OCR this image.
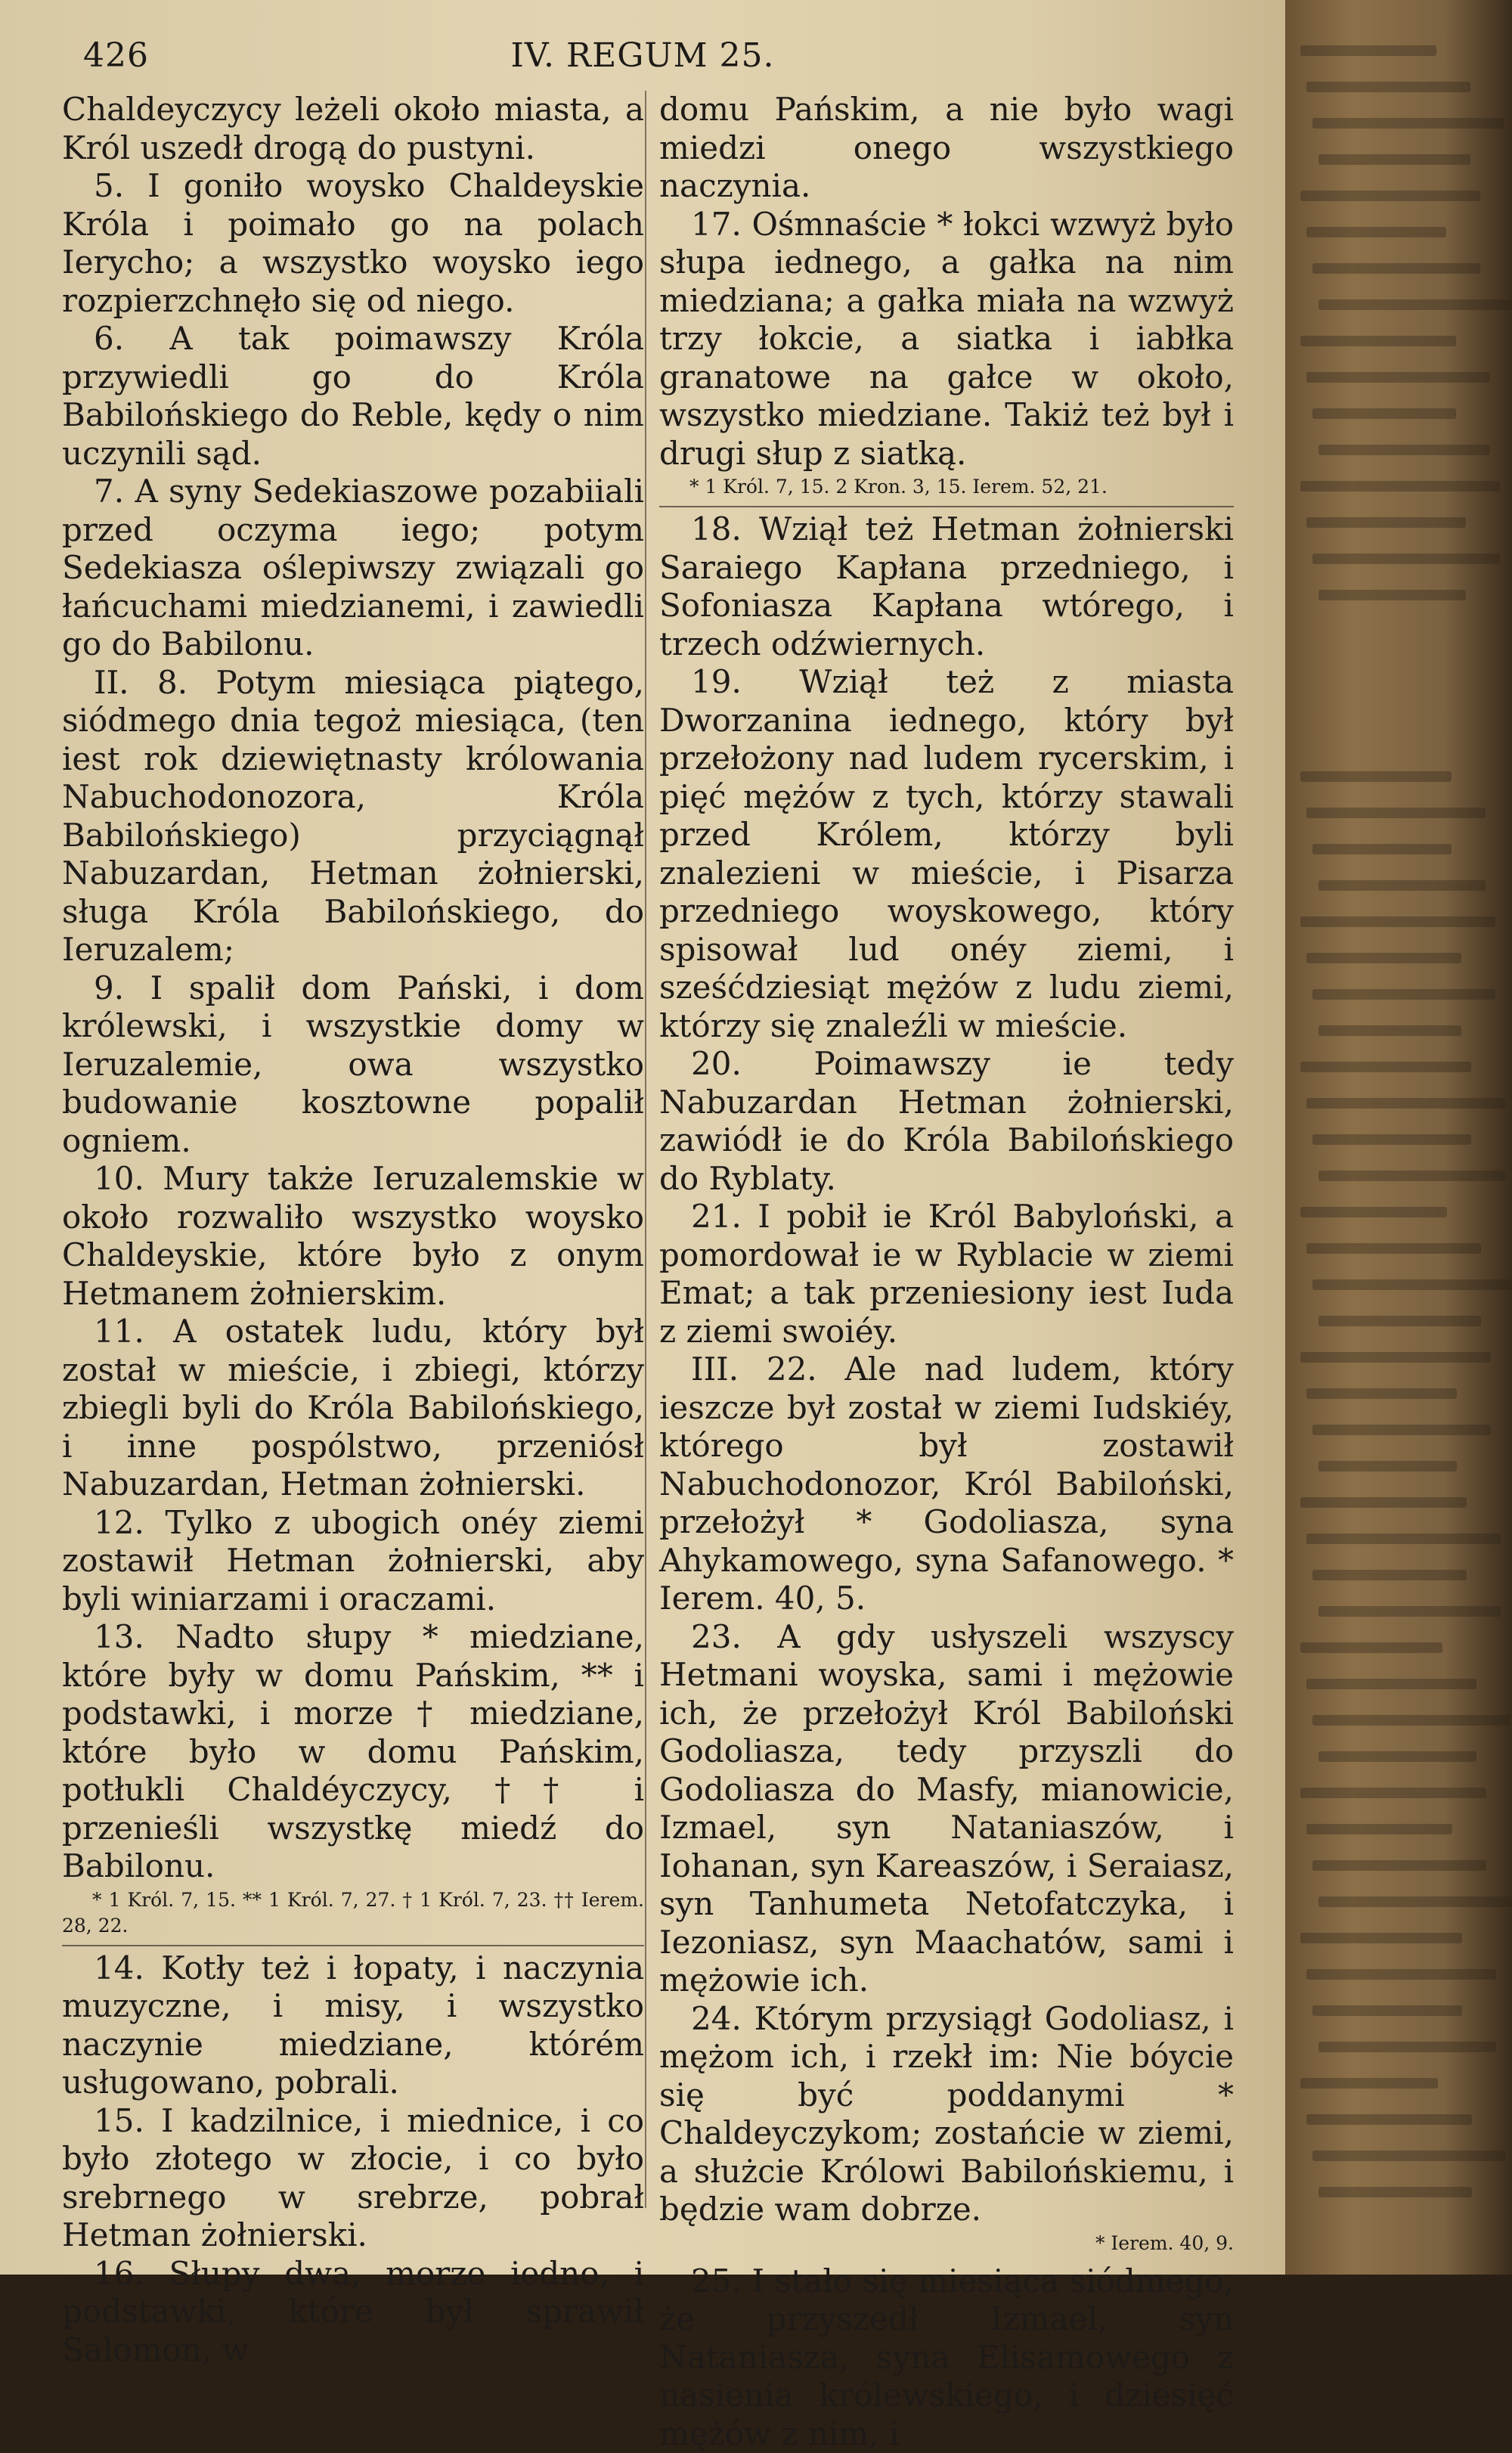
426	IV. REGUM 25.

Chaldeyczycy leżeli około miasta, a Król uszedł drogą do pustyni.

5. I goniło woysko Chaldeyskie Króla i poimało go na polach Ierycho; a wszystko woysko iego rozpierzchnęło się od niego.

6. A tak poimawszy Króla przywiedli go do Króla Babilońskiego do Reble, kędy o nim uczynili sąd.

7. A syny Sedekiaszowe pozabiiali przed oczyma iego; potym Sedekiasza oślepiwszy związali go łańcuchami miedzianemi, i zawiedli go do Babilonu.

II. 8. Potym miesiąca piątego, siódmego dnia tegoż miesiąca, (ten iest rok dziewiętnasty królowania Nabuchodonozora, Króla Babilońskiego) przyciągnął Nabuzardan, Hetman żołnierski, sługa Króla Babilońskiego, do Ieruzalem;

9. I spalił dom Pański, i dom królewski, i wszystkie domy w Ieruzalemie, owa wszystko budowanie kosztowne popalił ogniem.

10. Mury także Ieruzalemskie w około rozwaliło wszystko woysko Chaldeyskie, które było z onym Hetmanem żołnierskim.

11. A ostatek ludu, który był został w mieście, i zbiegi, którzy zbiegli byli do Króla Babilońskiego, i inne pospólstwo, przeniósł Nabuzardan, Hetman żołnierski.

12. Tylko z ubogich onéy ziemi zostawił Hetman żołnierski, aby byli winiarzami i oraczami.

13. Nadto słupy * miedziane, które były w domu Pańskim, ** i podstawki, i morze † miedziane, które było w domu Pańskim, potłukli Chaldéyczycy, †† i przenieśli wszystkę miedź do Babilonu.

* 1 Król. 7, 15. ** 1 Król. 7, 27. † 1 Król. 7, 23. †† Ierem. 28, 22.

14. Kotły też i łopaty, i naczynia muzyczne, i misy, i wszystko naczynie miedziane, którém usługowano, pobrali.

15. I kadzilnice, i miednice, i co było złotego w złocie, i co było srebrnego w srebrze, pobrał Hetman żołnierski.

16. Słupy dwa, morze iedno, i podstawki, które był sprawił Salomon, w

domu Pańskim, a nie było wagi miedzi onego wszystkiego naczynia.

17. Ośmnaście * łokci wzwyż było słupa iednego, a gałka na nim miedziana; a gałka miała na wzwyż trzy łokcie, a siatka i iabłka granatowe na gałce w około, wszystko miedziane. Takiż też był i drugi słup z siatką.

* 1 Król. 7, 15. 2 Kron. 3, 15. Ierem. 52, 21.

18. Wziął też Hetman żołnierski Saraiego Kapłana przedniego, i Sofoniasza Kapłana wtórego, i trzech odźwiernych.

19. Wziął też z miasta Dworzanina iednego, który był przełożony nad ludem rycerskim, i pięć mężów z tych, którzy stawali przed Królem, którzy byli znalezieni w mieście, i Pisarza przedniego woyskowego, który spisował lud onéy ziemi, i sześćdziesiąt mężów z ludu ziemi, którzy się znaleźli w mieście.

20. Poimawszy ie tedy Nabuzardan Hetman żołnierski, zawiódł ie do Króla Babilońskiego do Ryblaty.

21. I pobił ie Król Babyloński, a pomordował ie w Ryblacie w ziemi Emat; a tak przeniesiony iest Iuda z ziemi swoiéy.

III. 22. Ale nad ludem, który ieszcze był został w ziemi Iudskiéy, którego był zostawił Nabuchodonozor, Król Babiloński, przełożył * Godoliasza, syna Ahykamowego, syna Safanowego. * Ierem. 40, 5.

23. A gdy usłyszeli wszyscy Hetmani woyska, sami i mężowie ich, że przełożył Król Babiloński Godoliasza, tedy przyszli do Godoliasza do Masfy, mianowicie, Izmael, syn Nataniaszów, i Iohanan, syn Kareaszów, i Seraiasz, syn Tanhumeta Netofatczyka, i Iezoniasz, syn Maachatów, sami i mężowie ich.

24. Którym przysiągł Godoliasz, i mężom ich, i rzekł im: Nie bóycie się być poddanymi * Chaldeyczykom; zostańcie w ziemi, a służcie Królowi Babilońskiemu, i będzie wam dobrze.

* Ierem. 40, 9.

25. I stało się miesiąca siódmego, że przyszedł Izmael, syn Nataniasza, syna Elisamowego z nasienia królewskiego, i dziesięć mężów z nim, i
